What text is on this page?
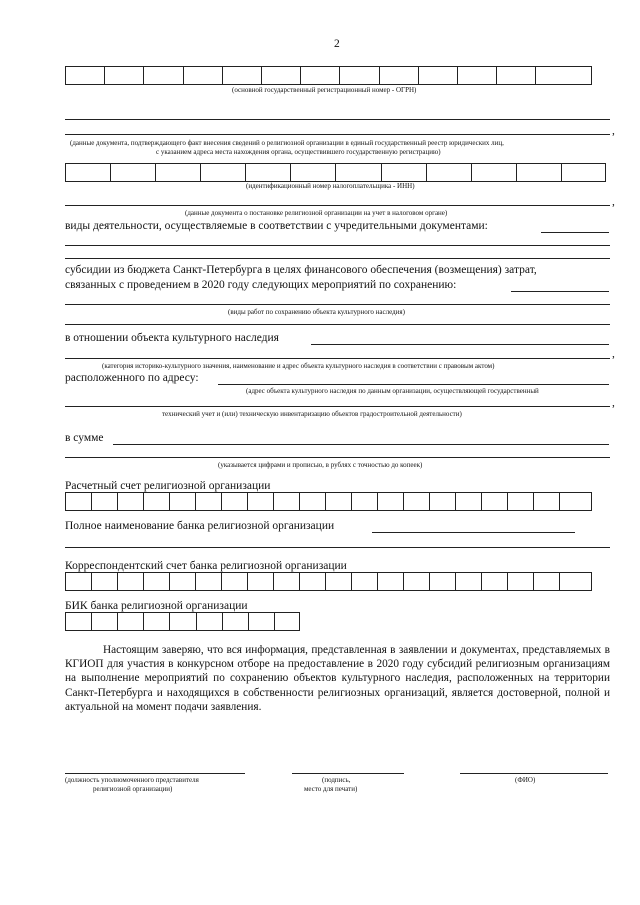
2
(основной государственный регистрационный номер - ОГРН)
,
(данные документа, подтверждающего факт внесения сведений о религиозной организации в единый государственный реестр юридических лиц,
с указанием адреса места нахождения органа, осуществившего государственную регистрацию)
(идентификационный номер налогоплательщика - ИНН)
,
(данные документа о постановке религиозной организации на учет в налоговом органе)
виды деятельности, осуществляемые в соответствии с учредительными документами:
субсидии из бюджета Санкт-Петербурга в целях финансового обеспечения (возмещения) затрат,
связанных с проведением в 2020 году следующих мероприятий по сохранению:
(виды работ по сохранению объекта культурного наследия)
в отношении объекта культурного наследия
,
(категория историко-культурного значения, наименование и адрес объекта культурного наследия в соответствии с правовым актом)
расположенного по адресу:
(адрес объекта культурного наследия по данным организации, осуществляющей государственный
,
технический учет и (или) техническую инвентаризацию объектов градостроительной деятельности)
в сумме
(указывается цифрами и прописью, в рублях с точностью до копеек)
Расчетный счет религиозной организации
Полное наименование банка религиозной организации
Корреспондентский счет банка религиозной организации
БИК банка религиозной организации
Настоящим заверяю, что вся информация, представленная в заявлении и документах, представляемых в КГИОП для участия в конкурсном отборе на предоставление в 2020 году субсидий религиозным организациям на выполнение мероприятий по сохранению объектов культурного наследия, расположенных на территории Санкт-Петербурга и находящихся в собственности религиозных организаций, является достоверной, полной и актуальной на момент подачи заявления.
(должность уполномоченного представителя
религиозной организации)
(подпись,
место для печати)
(ФИО)
